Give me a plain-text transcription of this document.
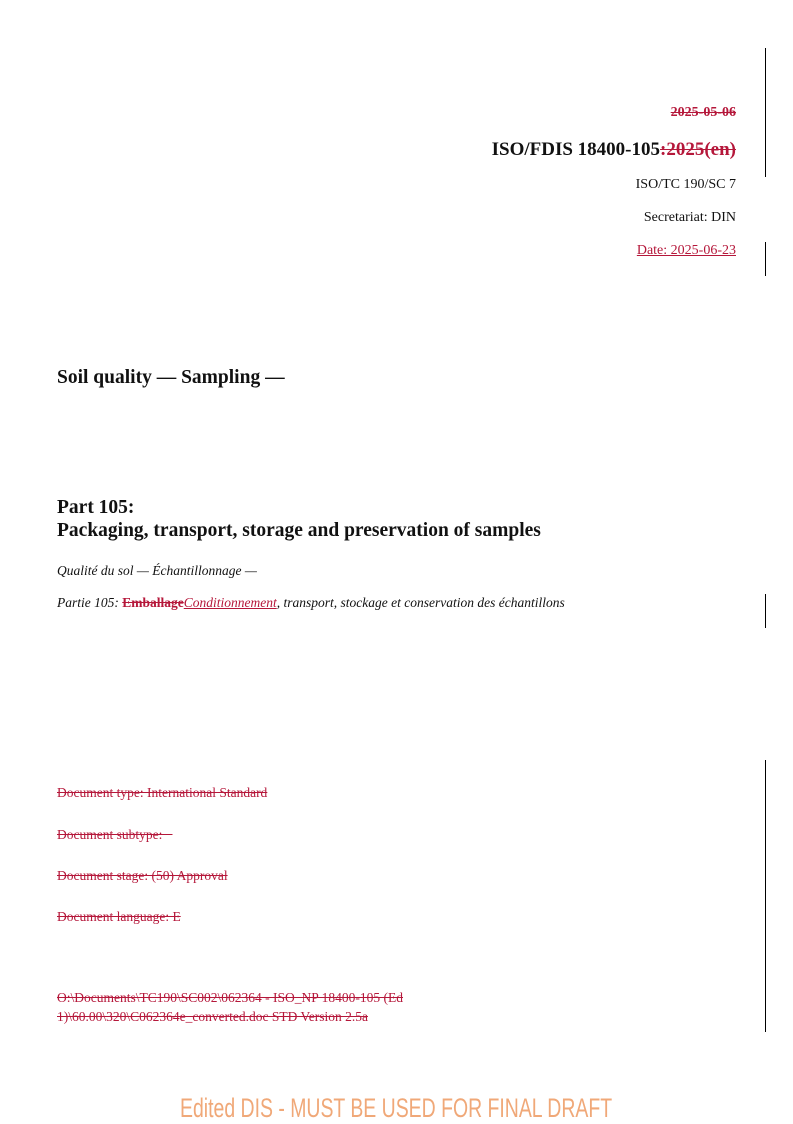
2025-05-06
ISO/FDIS 18400-105:2025(en)
ISO/TC 190/SC 7
Secretariat: DIN
Date: 2025-06-23
Soil quality — Sampling —
Part 105:
Packaging, transport, storage and preservation of samples
Qualité du sol — Échantillonnage —
Partie 105: EmballageConditionnement, transport, stockage et conservation des échantillons
Document type: International Standard
Document subtype:
Document stage: (50) Approval
Document language: E
O:\Documents\TC190\SC002\062364 - ISO_NP 18400-105 (Ed
1)\60.00\320\C062364e_converted.doc STD Version 2.5a
Edited DIS - MUST BE USED FOR FINAL DRAFT
